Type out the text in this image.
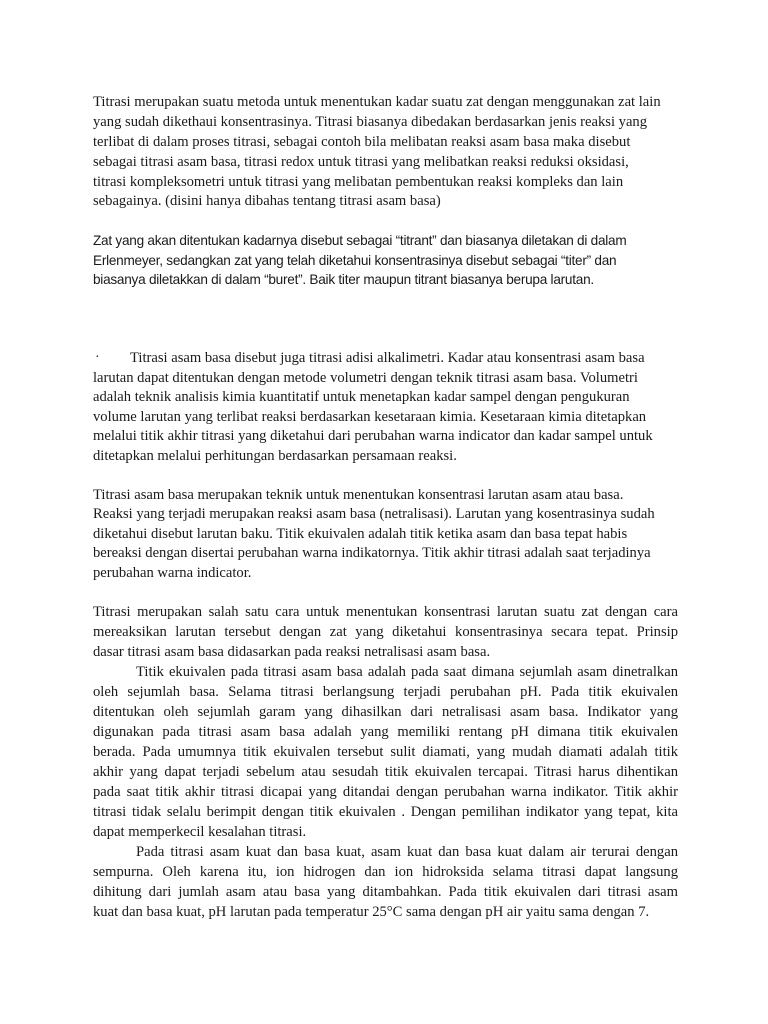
Titrasi merupakan suatu metoda untuk menentukan kadar suatu zat dengan menggunakan zat lain
yang sudah dikethaui konsentrasinya. Titrasi biasanya dibedakan berdasarkan jenis reaksi yang
terlibat di dalam proses titrasi, sebagai contoh bila melibatan reaksi asam basa maka disebut
sebagai titrasi asam basa, titrasi redox untuk titrasi yang melibatkan reaksi reduksi oksidasi,
titrasi kompleksometri untuk titrasi yang melibatan pembentukan reaksi kompleks dan lain
sebagainya. (disini hanya dibahas tentang titrasi asam basa)
Zat yang akan ditentukan kadarnya disebut sebagai “titrant” dan biasanya diletakan di dalam
Erlenmeyer, sedangkan zat yang telah diketahui konsentrasinya disebut sebagai “titer” dan
biasanya diletakkan di dalam “buret”. Baik titer maupun titrant biasanya berupa larutan.
· Titrasi asam basa disebut juga titrasi adisi alkalimetri. Kadar atau konsentrasi asam basa
larutan dapat ditentukan dengan metode volumetri dengan teknik titrasi asam basa. Volumetri
adalah teknik analisis kimia kuantitatif untuk menetapkan kadar sampel dengan pengukuran
volume larutan yang terlibat reaksi berdasarkan kesetaraan kimia. Kesetaraan kimia ditetapkan
melalui titik akhir titrasi yang diketahui dari perubahan warna indicator dan kadar sampel untuk
ditetapkan melalui perhitungan berdasarkan persamaan reaksi.
Titrasi asam basa merupakan teknik untuk menentukan konsentrasi larutan asam atau basa.
Reaksi yang terjadi merupakan reaksi asam basa (netralisasi). Larutan yang kosentrasinya sudah
diketahui disebut larutan baku. Titik ekuivalen adalah titik ketika asam dan basa tepat habis
bereaksi dengan disertai perubahan warna indikatornya. Titik akhir titrasi adalah saat terjadinya
perubahan warna indicator.
Titrasi merupakan salah satu cara untuk menentukan konsentrasi larutan suatu zat dengan cara
mereaksikan larutan tersebut dengan zat yang diketahui konsentrasinya secara tepat. Prinsip
dasar titrasi asam basa didasarkan pada reaksi netralisasi asam basa.
Titik ekuivalen pada titrasi asam basa adalah pada saat dimana sejumlah asam dinetralkan
oleh sejumlah basa. Selama titrasi berlangsung terjadi perubahan pH. Pada titik ekuivalen
ditentukan oleh sejumlah garam yang dihasilkan dari netralisasi asam basa. Indikator yang
digunakan pada titrasi asam basa adalah yang memiliki rentang pH dimana titik ekuivalen
berada. Pada umumnya titik ekuivalen tersebut sulit diamati, yang mudah diamati adalah titik
akhir yang dapat terjadi sebelum atau sesudah titik ekuivalen tercapai. Titrasi harus dihentikan
pada saat titik akhir titrasi dicapai yang ditandai dengan perubahan warna indikator. Titik akhir
titrasi tidak selalu berimpit dengan titik ekuivalen . Dengan pemilihan indikator yang tepat, kita
dapat memperkecil kesalahan titrasi.
Pada titrasi asam kuat dan basa kuat, asam kuat dan basa kuat dalam air terurai dengan
sempurna. Oleh karena itu, ion hidrogen dan ion hidroksida selama titrasi dapat langsung
dihitung dari jumlah asam atau basa yang ditambahkan. Pada titik ekuivalen dari titrasi asam
kuat dan basa kuat, pH larutan pada temperatur 25°C sama dengan pH air yaitu sama dengan 7.
